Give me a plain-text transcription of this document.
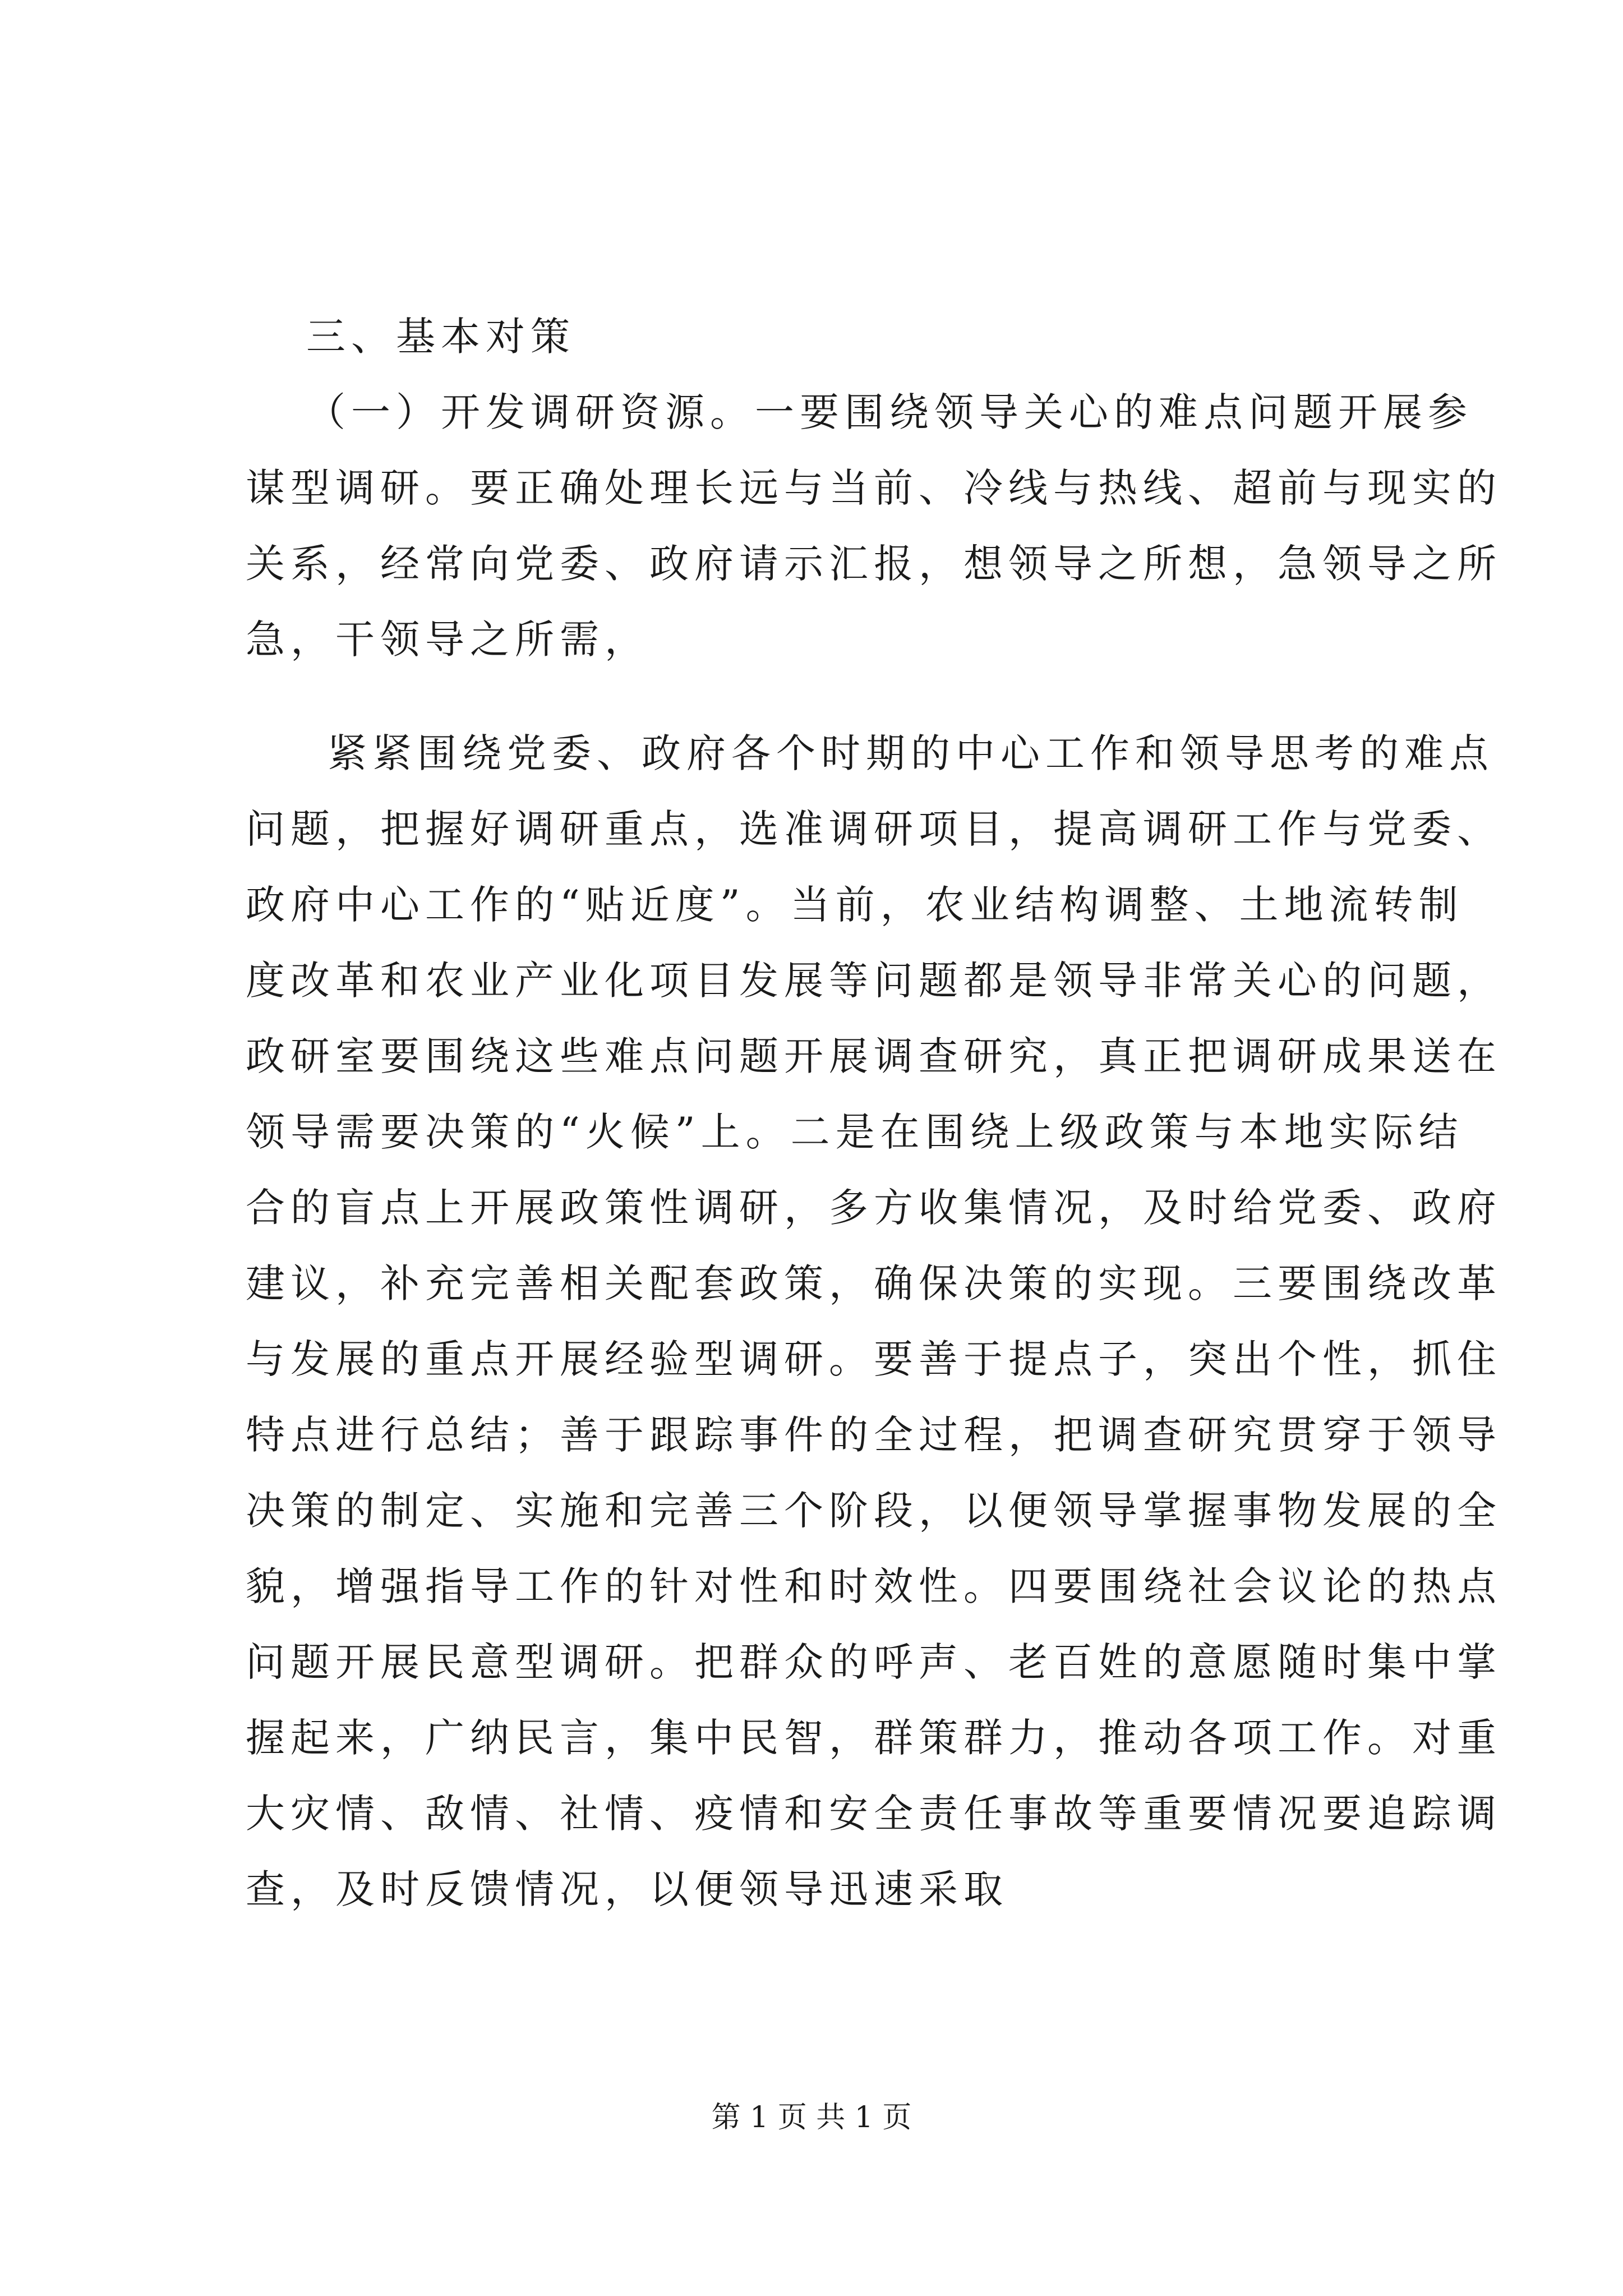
三、基本对策
（一）开发调研资源。一要围绕领导关心的难点问题开展参
谋型调研。要正确处理长远与当前、冷线与热线、超前与现实的
关系，经常向党委、政府请示汇报，想领导之所想，急领导之所
急，干领导之所需，
紧紧围绕党委、政府各个时期的中心工作和领导思考的难点
问题，把握好调研重点，选准调研项目，提高调研工作与党委、
政府中心工作的“贴近度”。当前，农业结构调整、土地流转制
度改革和农业产业化项目发展等问题都是领导非常关心的问题，
政研室要围绕这些难点问题开展调查研究，真正把调研成果送在
领导需要决策的“火候”上。二是在围绕上级政策与本地实际结
合的盲点上开展政策性调研，多方收集情况，及时给党委、政府
建议，补充完善相关配套政策，确保决策的实现。三要围绕改革
与发展的重点开展经验型调研。要善于提点子，突出个性，抓住
特点进行总结；善于跟踪事件的全过程，把调查研究贯穿于领导
决策的制定、实施和完善三个阶段，以便领导掌握事物发展的全
貌，增强指导工作的针对性和时效性。四要围绕社会议论的热点
问题开展民意型调研。把群众的呼声、老百姓的意愿随时集中掌
握起来，广纳民言，集中民智，群策群力，推动各项工作。对重
大灾情、敌情、社情、疫情和安全责任事故等重要情况要追踪调
查，及时反馈情况，以便领导迅速采取
第 1 页 共 1 页
